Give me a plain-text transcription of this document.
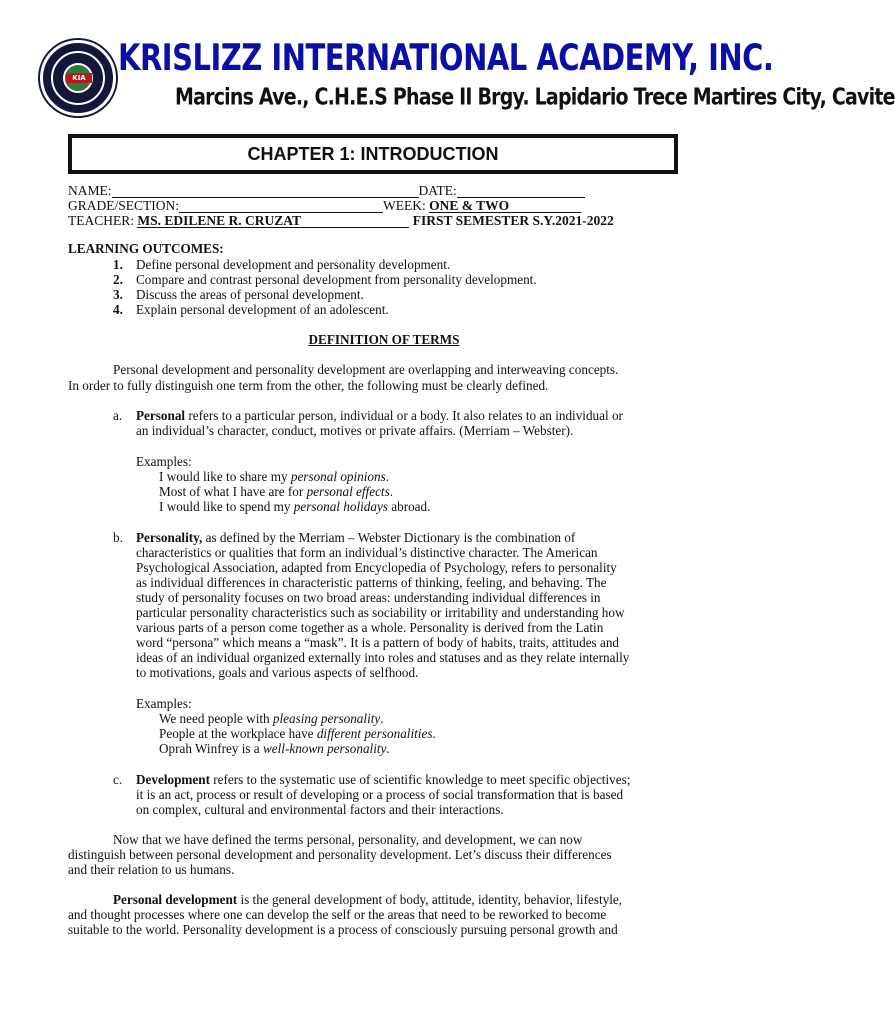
KIA KRISLIZZ INTERNATIONAL ACADEMY, INC.
Marcins Ave., C.H.E.S Phase II Brgy. Lapidario Trece Martires City, Cavite
CHAPTER 1: INTRODUCTION
NAME:	DATE:
GRADE/SECTION:	WEEK: ONE & TWO
TEACHER: MS. EDILENE R. CRUZAT	FIRST SEMESTER S.Y.2021-2022
LEARNING OUTCOMES:
1. Define personal development and personality development.
2. Compare and contrast personal development from personality development.
3. Discuss the areas of personal development.
4. Explain personal development of an adolescent.
DEFINITION OF TERMS
Personal development and personality development are overlapping and interweaving concepts.
In order to fully distinguish one term from the other, the following must be clearly defined.
a. Personal refers to a particular person, individual or a body. It also relates to an individual or
an individual’s character, conduct, motives or private affairs. (Merriam – Webster).
Examples:
I would like to share my personal opinions.
Most of what I have are for personal effects.
I would like to spend my personal holidays abroad.
b. Personality, as defined by the Merriam – Webster Dictionary is the combination of
characteristics or qualities that form an individual’s distinctive character. The American
Psychological Association, adapted from Encyclopedia of Psychology, refers to personality
as individual differences in characteristic patterns of thinking, feeling, and behaving. The
study of personality focuses on two broad areas: understanding individual differences in
particular personality characteristics such as sociability or irritability and understanding how
various parts of a person come together as a whole. Personality is derived from the Latin
word “persona” which means a “mask”. It is a pattern of body of habits, traits, attitudes and
ideas of an individual organized externally into roles and statuses and as they relate internally
to motivations, goals and various aspects of selfhood.
Examples:
We need people with pleasing personality.
People at the workplace have different personalities.
Oprah Winfrey is a well-known personality.
c. Development refers to the systematic use of scientific knowledge to meet specific objectives;
it is an act, process or result of developing or a process of social transformation that is based
on complex, cultural and environmental factors and their interactions.
Now that we have defined the terms personal, personality, and development, we can now
distinguish between personal development and personality development. Let’s discuss their differences
and their relation to us humans.
Personal development is the general development of body, attitude, identity, behavior, lifestyle,
and thought processes where one can develop the self or the areas that need to be reworked to become
suitable to the world. Personality development is a process of consciously pursuing personal growth and
